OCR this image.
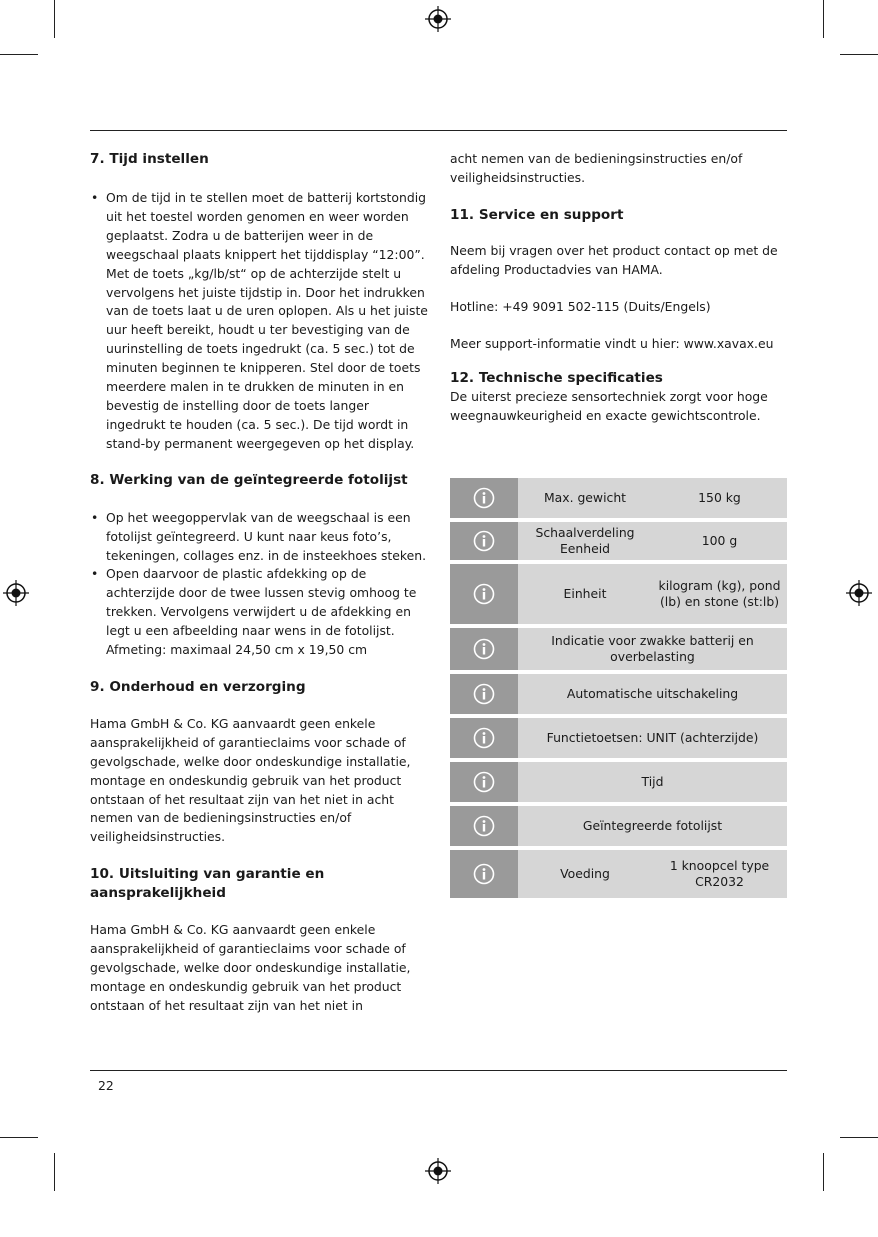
7. Tijd instellen
• Om de tijd in te stellen moet de batterij kortstondig uit het toestel worden genomen en weer worden geplaatst. Zodra u de batterijen weer in de weegschaal plaats knippert het tijddisplay “12:00”. Met de toets „kg/lb/st“ op de achterzijde stelt u vervolgens het juiste tijdstip in. Door het indrukken van de toets laat u de uren oplopen. Als u het juiste uur heeft bereikt, houdt u ter bevestiging van de uurinstelling de toets ingedrukt (ca. 5 sec.) tot de minuten beginnen te knipperen. Stel door de toets meerdere malen in te drukken de minuten in en bevestig de instelling door de toets langer ingedrukt te houden (ca. 5 sec.). De tijd wordt in stand-by permanent weergegeven op het display.
8. Werking van de geïntegreerde fotolijst
• Op het weegoppervlak van de weegschaal is een fotolijst geïntegreerd. U kunt naar keus foto’s, tekeningen, collages enz. in de insteekhoes steken.
• Open daarvoor de plastic afdekking op de achterzijde door de twee lussen stevig omhoog te trekken. Vervolgens verwijdert u de afdekking en legt u een afbeelding naar wens in de fotolijst. Afmeting: maximaal 24,50 cm x 19,50 cm
9. Onderhoud en verzorging

Hama GmbH & Co. KG aanvaardt geen enkele aansprakelijkheid of garantieclaims voor schade of gevolgschade, welke door ondeskundige installatie, montage en ondeskundig gebruik van het product ontstaan of het resultaat zijn van het niet in acht nemen van de bedieningsinstructies en/of veiligheidsinstructies.

10. Uitsluiting van garantie en aansprakelijkheid

Hama GmbH & Co. KG aanvaardt geen enkele aansprakelijkheid of garantieclaims voor schade of gevolgschade, welke door ondeskundige installatie, montage en ondeskundig gebruik van het product ontstaan of het resultaat zijn van het niet in

acht nemen van de bedieningsinstructies en/of veiligheidsinstructies.

11. Service en support

Neem bij vragen over het product contact op met de afdeling Productadvies van HAMA.

Hotline: +49 9091 502-115 (Duits/Engels)

Meer support-informatie vindt u hier: www.xavax.eu

12. Technische specificaties

De uiterst precieze sensortechniek zorgt voor hoge weegnauwkeurigheid en exacte gewichtscontrole.

	Max. gewicht	150 kg

	Schaalverdeling Eenheid	100 g

	Einheit	kilogram (kg), pond (lb) en stone (st:lb)

	Indicatie voor zwakke batterij en overbelasting	

	Automatische uitschakeling	

	Functietoetsen: UNIT (achterzijde)	

	Tijd	

	Geïntegreerde fotolijst	

	Voeding	1 knoopcel type CR2032
22
